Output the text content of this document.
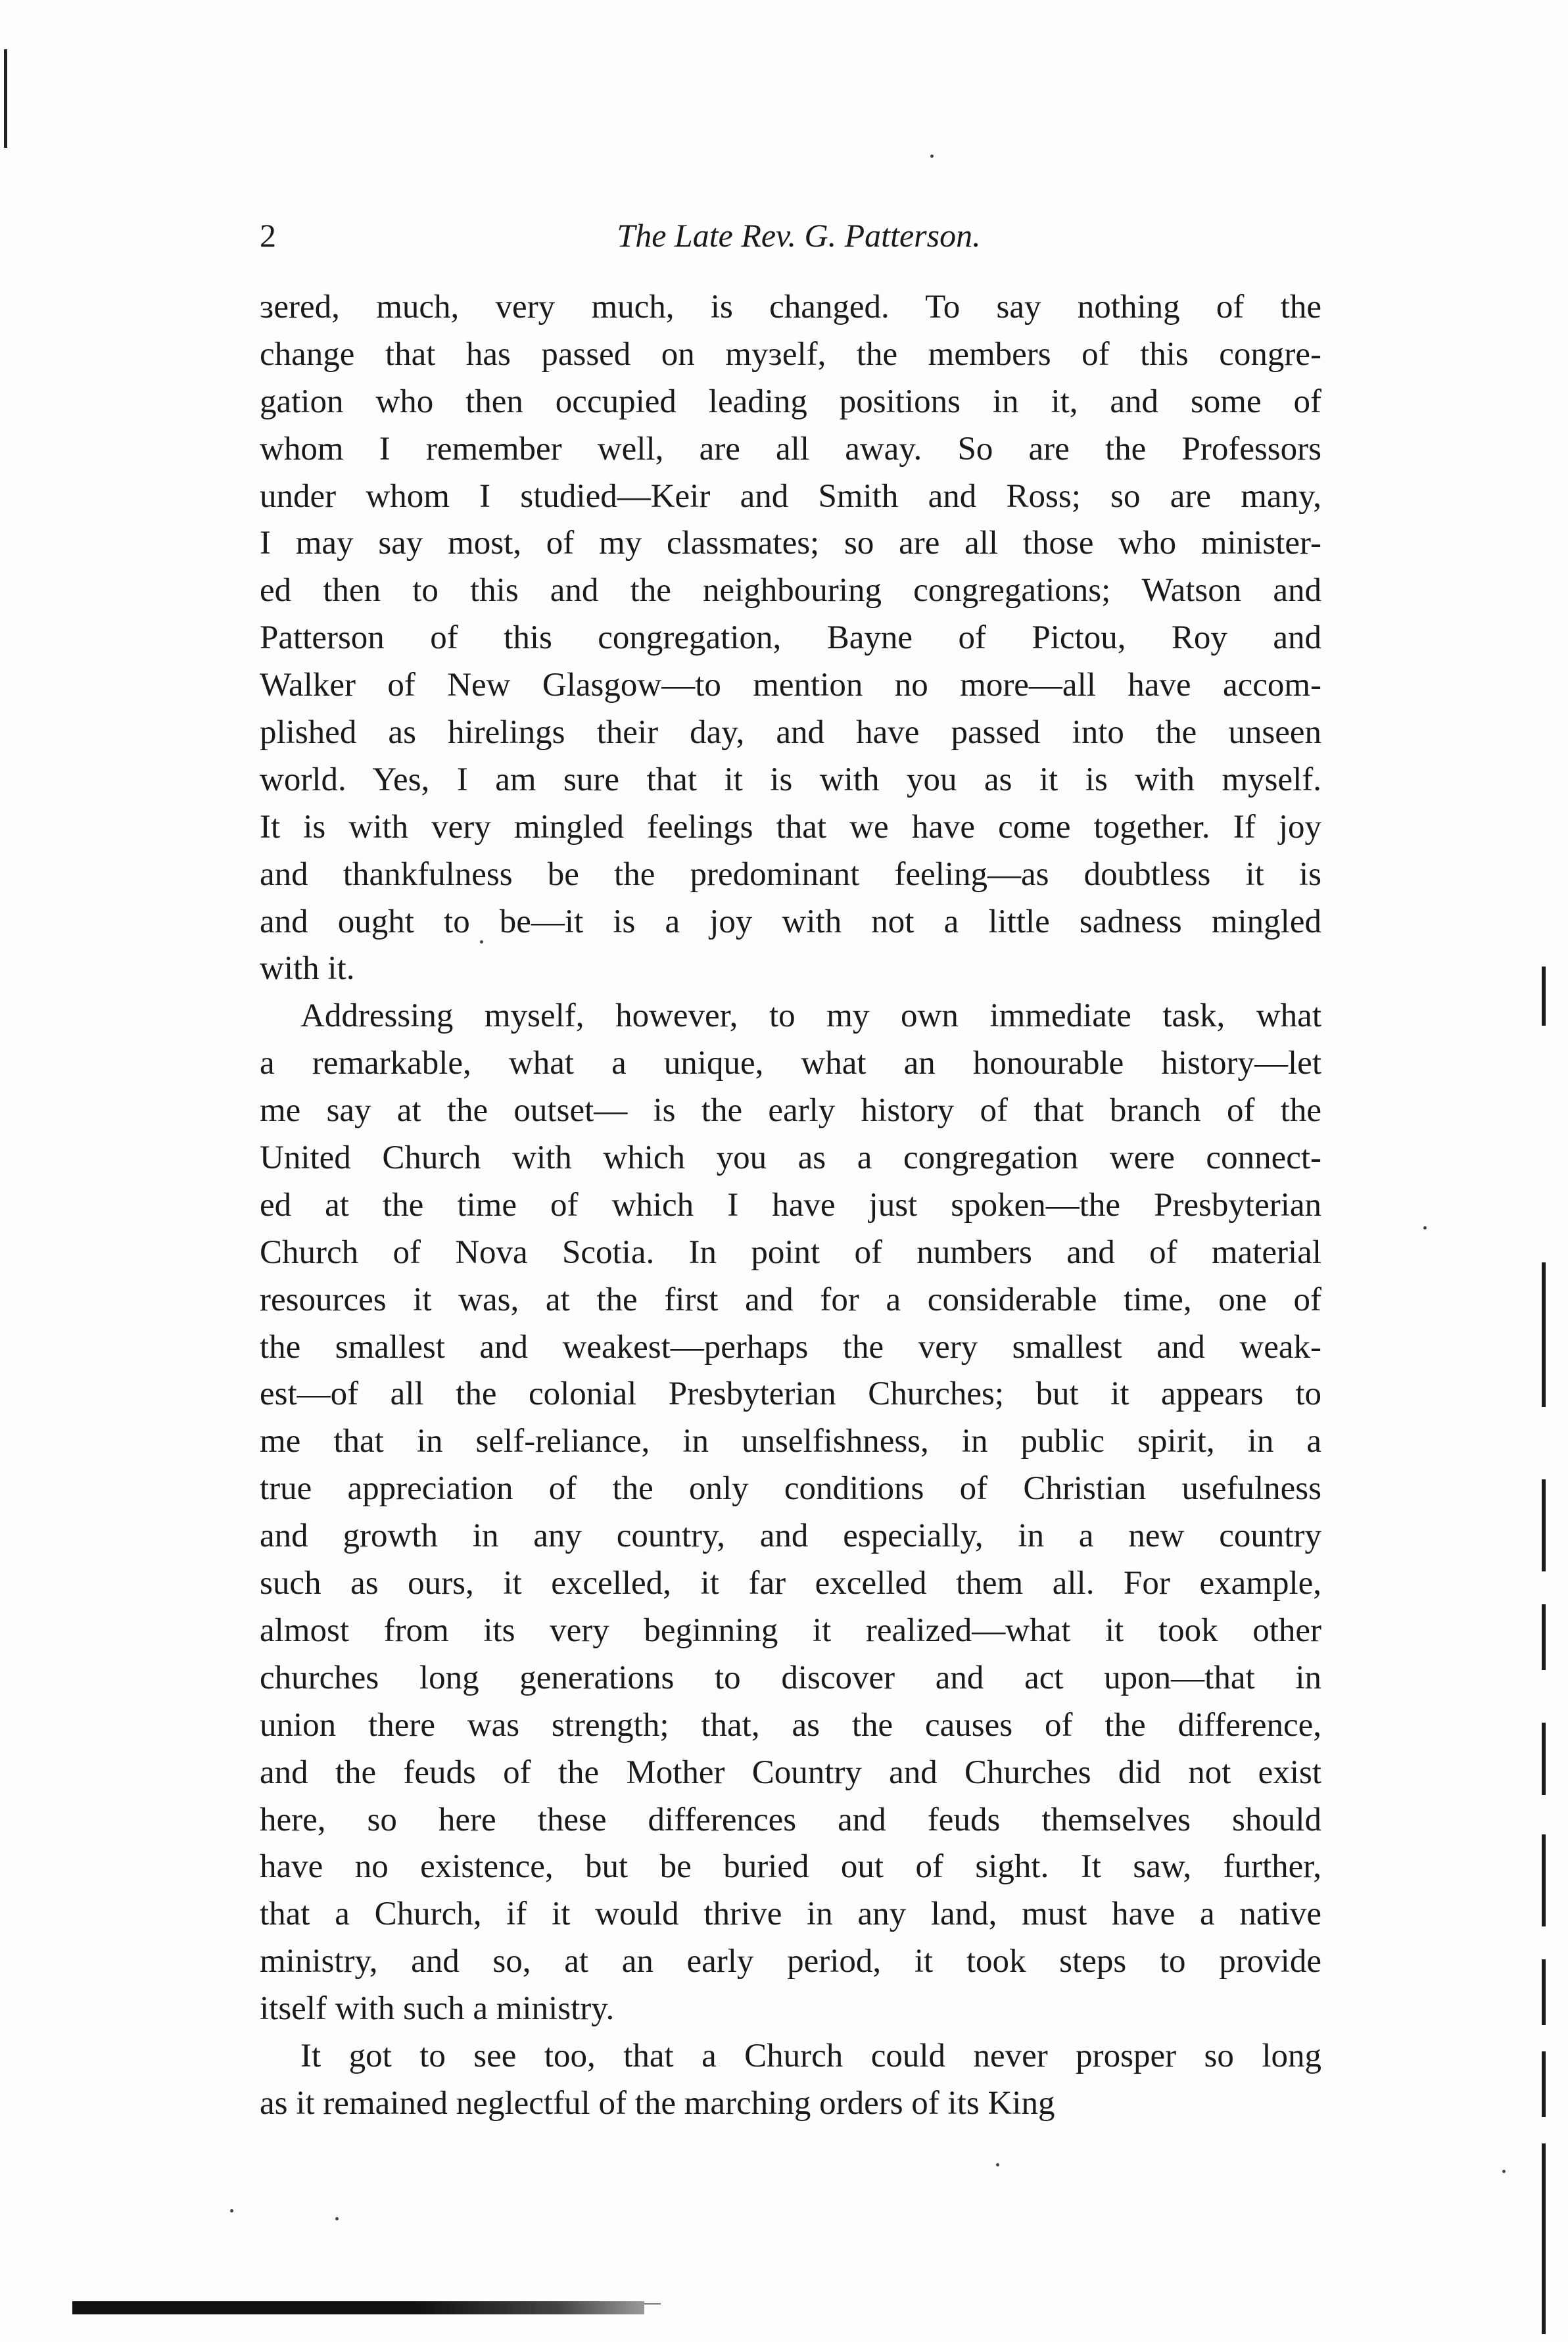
2	The Late Rev. G. Patterson.
ɜered, much, very much, is changed. To say nothing of the
change that has passed on myɜelf, the members of this congre-
gation who then occupied leading positions in it, and some of
whom I remember well, are all away. So are the Professors
under whom I studied—Keir and Smith and Ross; so are many,
I may say most, of my classmates; so are all those who minister-
ed then to this and the neighbouring congregations; Watson and
Patterson of this congregation, Bayne of Pictou, Roy and
Walker of New Glasgow—to mention no more—all have accom-
plished as hirelings their day, and have passed into the unseen
world. Yes, I am sure that it is with you as it is with myself.
It is with very mingled feelings that we have come together. If joy
and thankfulness be the predominant feeling—as doubtless it is
and ought to be—it is a joy with not a little sadness mingled
with it.
Addressing myself, however, to my own immediate task, what
a remarkable, what a unique, what an honourable history—let
me say at the outset— is the early history of that branch of the
United Church with which you as a congregation were connect-
ed at the time of which I have just spoken—the Presbyterian
Church of Nova Scotia. In point of numbers and of material
resources it was, at the first and for a considerable time, one of
the smallest and weakest—perhaps the very smallest and weak-
est—of all the colonial Presbyterian Churches; but it appears to
me that in self-reliance, in unselfishness, in public spirit, in a
true appreciation of the only conditions of Christian usefulness
and growth in any country, and especially, in a new country
such as ours, it excelled, it far excelled them all. For example,
almost from its very beginning it realized—what it took other
churches long generations to discover and act upon—that in
union there was strength; that, as the causes of the difference,
and the feuds of the Mother Country and Churches did not exist
here, so here these differences and feuds themselves should
have no existence, but be buried out of sight. It saw, further,
that a Church, if it would thrive in any land, must have a native
ministry, and so, at an early period, it took steps to provide
itself with such a ministry.
It got to see too, that a Church could never prosper so long
as it remained neglectful of the marching orders of its King
